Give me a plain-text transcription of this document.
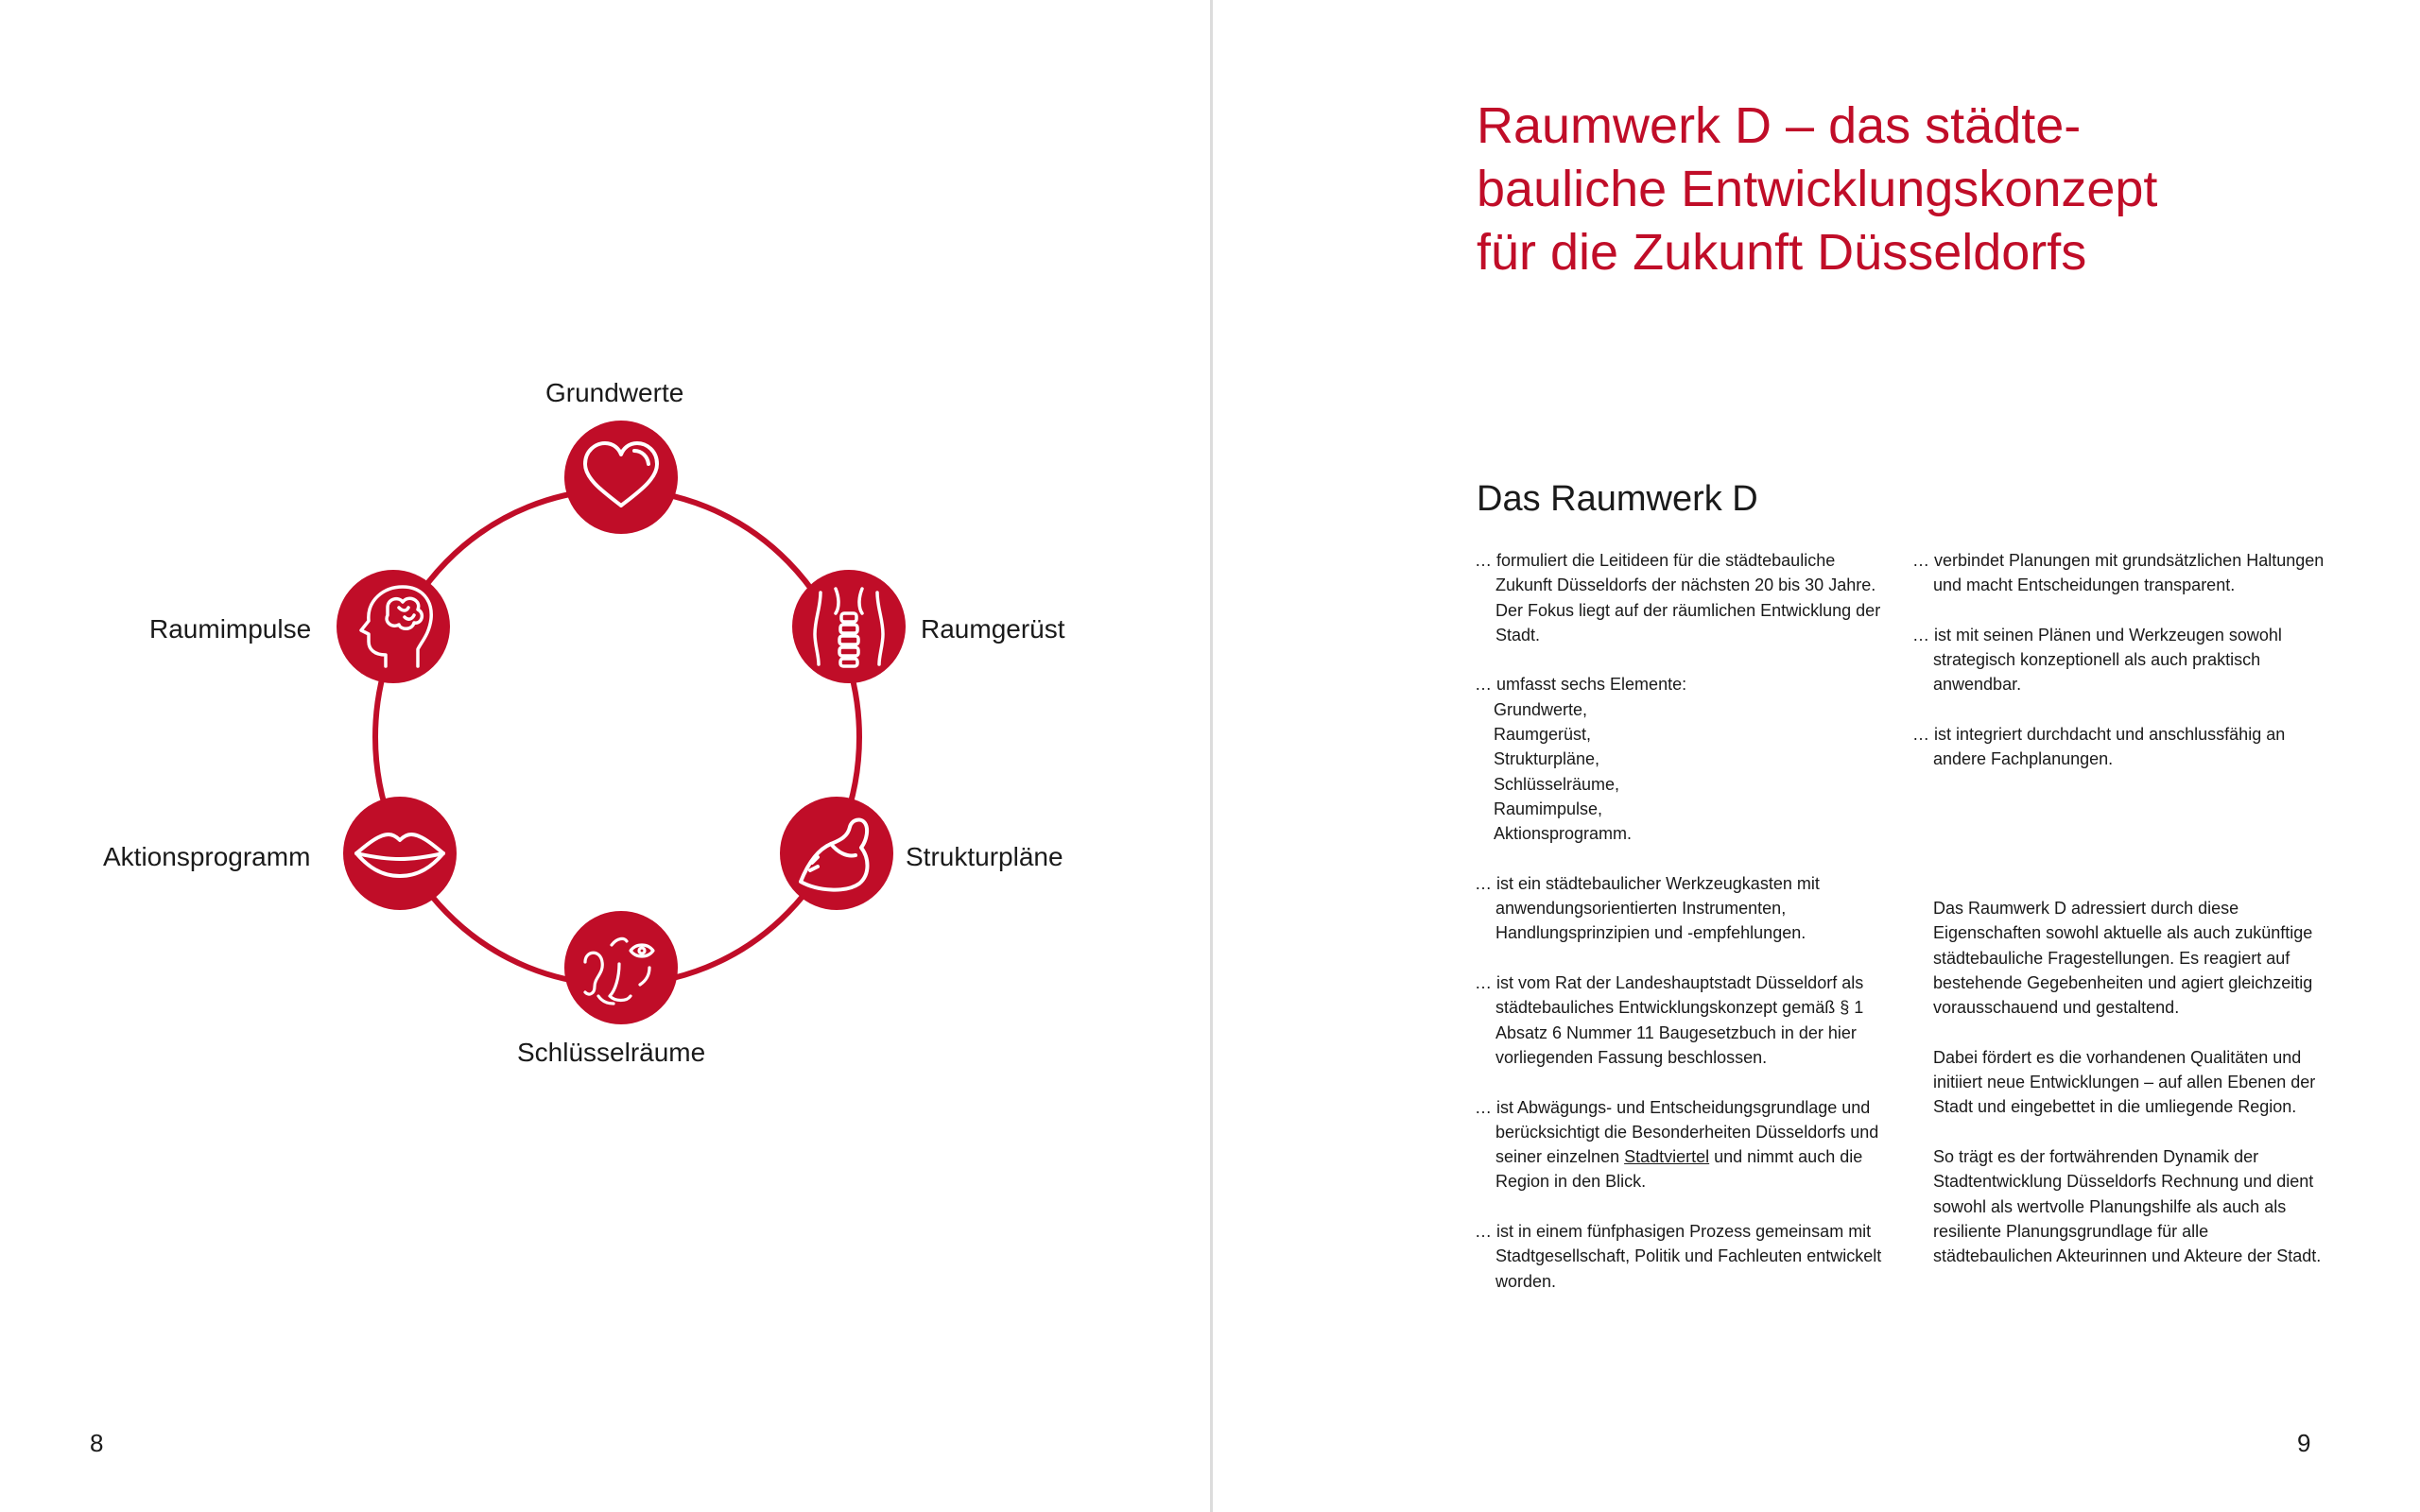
Grundwerte
Raumgerüst
Strukturpläne
Schlüsselräume
Aktionsprogramm
Raumimpulse
8
Raumwerk D – das städte-
bauliche Entwicklungskonzept
für die Zukunft Düsseldorfs
Das Raumwerk D

… formuliert die Leitideen für die städtebauliche Zukunft Düsseldorfs der nächsten 20 bis 30 Jahre. Der Fokus liegt auf der räumlichen Entwicklung der Stadt.

… umfasst sechs Elemente:
Grundwerte,
Raumgerüst,
Strukturpläne,
Schlüsselräume,
Raumimpulse,
Aktionsprogramm.

… ist ein städtebaulicher Werkzeugkasten mit anwendungsorientierten Instrumenten, Handlungsprinzipien und -empfehlungen.

… ist vom Rat der Landeshauptstadt Düsseldorf als städtebauliches Entwicklungskonzept gemäß § 1 Absatz 6 Nummer 11 Baugesetzbuch in der hier vorliegenden Fassung beschlossen.

… ist Abwägungs- und Entscheidungsgrundlage und berücksichtigt die Besonderheiten Düsseldorfs und seiner einzelnen Stadtviertel und nimmt auch die Region in den Blick.

… ist in einem fünfphasigen Prozess gemeinsam mit Stadtgesellschaft, Politik und Fachleuten entwickelt worden.

… verbindet Planungen mit grundsätzlichen Haltungen und macht Entscheidungen transparent.

… ist mit seinen Plänen und Werkzeugen sowohl strategisch konzeptionell als auch praktisch anwendbar.

… ist integriert durchdacht und anschlussfähig an andere Fachplanungen.

Das Raumwerk D adressiert durch diese Eigenschaften sowohl aktuelle als auch zukünftige städtebauliche Fragestellungen. Es reagiert auf bestehende Gegebenheiten und agiert gleichzeitig vorausschauend und gestaltend.

Dabei fördert es die vorhandenen Qualitäten und initiiert neue Entwicklungen – auf allen Ebenen der Stadt und eingebettet in die umliegende Region.

So trägt es der fortwährenden Dynamik der Stadtentwicklung Düsseldorfs Rechnung und dient sowohl als wertvolle Planungshilfe als auch als resiliente Planungsgrundlage für alle städtebaulichen Akteurinnen und Akteure der Stadt.

9
